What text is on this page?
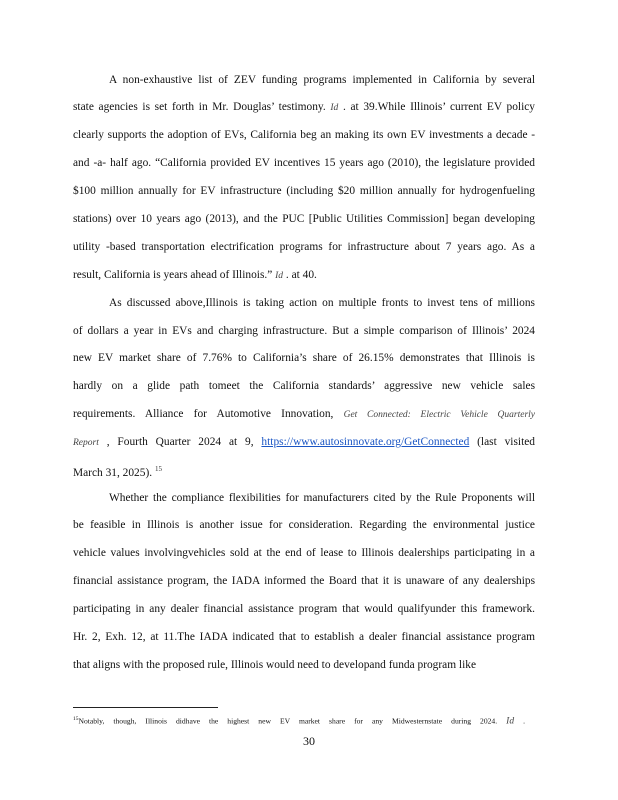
A non-exhaustive list of ZEV funding programs implemented in California by several
state agencies is set forth in Mr. Douglas’ testimony. Id . at 39.While Illinois’ current EV policy
clearly supports the adoption of EVs, California beg an making its own EV investments a decade -
and -a- half ago. “California provided EV incentives 15 years ago (2010), the legislature provided
$100 million annually for EV infrastructure (including $20 million annually for hydrogenfueling
stations) over 10 years ago (2013), and the PUC [Public Utilities Commission] began developing
utility -based transportation electrification programs for infrastructure about 7 years ago. As a
result, California is years ahead of Illinois.” Id . at 40.
As discussed above,Illinois is taking action on multiple fronts to invest tens of millions
of dollars a year in EVs and charging infrastructure. But a simple comparison of Illinois’ 2024
new EV market share of 7.76% to California’s share of 26.15% demonstrates that Illinois is
hardly on a glide path tomeet the California standards’ aggressive new vehicle sales
requirements. Alliance for Automotive Innovation, Get Connected: Electric Vehicle Quarterly
Report , Fourth Quarter 2024 at 9, https://www.autosinnovate.org/GetConnected (last visited
March 31, 2025). $^{15}$
Whether the compliance flexibilities for manufacturers cited by the Rule Proponents will
be feasible in Illinois is another issue for consideration. Regarding the environmental justice
vehicle values involvingvehicles sold at the end of lease to Illinois dealerships participating in a
financial assistance program, the IADA informed the Board that it is unaware of any dealerships
participating in any dealer financial assistance program that would qualifyunder this framework.
Hr. 2, Exh. 12, at 11.The IADA indicated that to establish a dealer financial assistance program
that aligns with the proposed rule, Illinois would need to developand funda program like
$^{15}$Notably, though, Illinois didhave the highest new EV market share for any Midwesternstate during 2024. Id .
30
